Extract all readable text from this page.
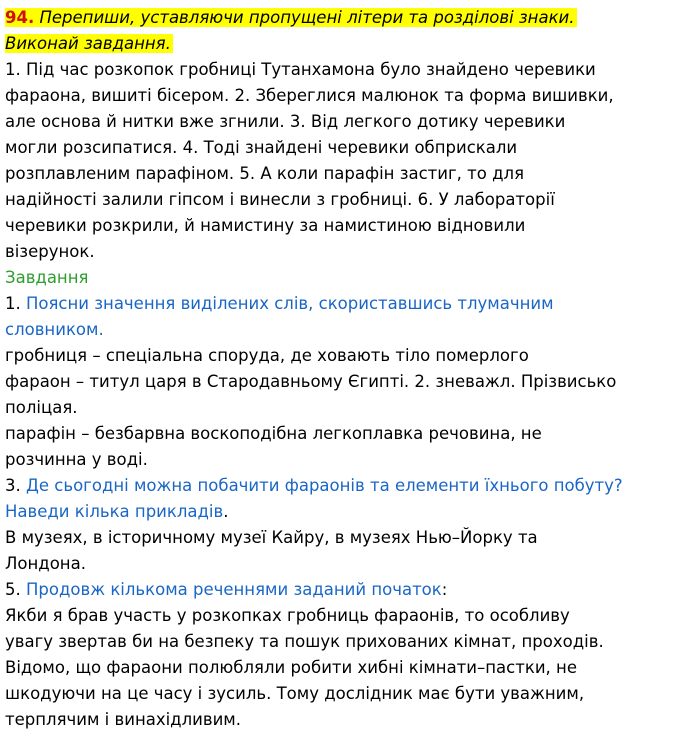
94. Перепиши, уставляючи пропущені літери та розділові знаки.
Виконай завдання.
1. Під час розкопок гробниці Тутанхамона було знайдено черевики
фараона, вишиті бісером. 2. Збереглися малюнок та форма вишивки,
але основа й нитки вже згнили. 3. Від легкого дотику черевики
могли розсипатися. 4. Тоді знайдені черевики обприскали
розплавленим парафіном. 5. А коли парафін застиг, то для
надійності залили гіпсом і винесли з гробниці. 6. У лабораторії
черевики розкрили, й намистину за намистиною відновили
візерунок.
Завдання
1. Поясни значення виділених слів, скориставшись тлумачним
словником.
гробниця – спеціальна споруда, де ховають тіло померлого
фараон – титул царя в Стародавньому Єгипті. 2. зневажл. Прізвисько
поліцая.
парафін – безбарвна воскоподібна легкоплавка речовина, не
розчинна у воді.
3. Де сьогодні можна побачити фараонів та елементи їхнього побуту?
Наведи кілька прикладів.
В музеях, в історичному музеї Кайру, в музеях Нью–Йорку та
Лондона.
5. Продовж кількома реченнями заданий початок:
Якби я брав участь у розкопках гробниць фараонів, то особливу
увагу звертав би на безпеку та пошук прихованих кімнат, проходів.
Відомо, що фараони полюбляли робити хибні кімнати–пастки, не
шкодуючи на це часу і зусиль. Тому дослідник має бути уважним,
терплячим і винахідливим.
